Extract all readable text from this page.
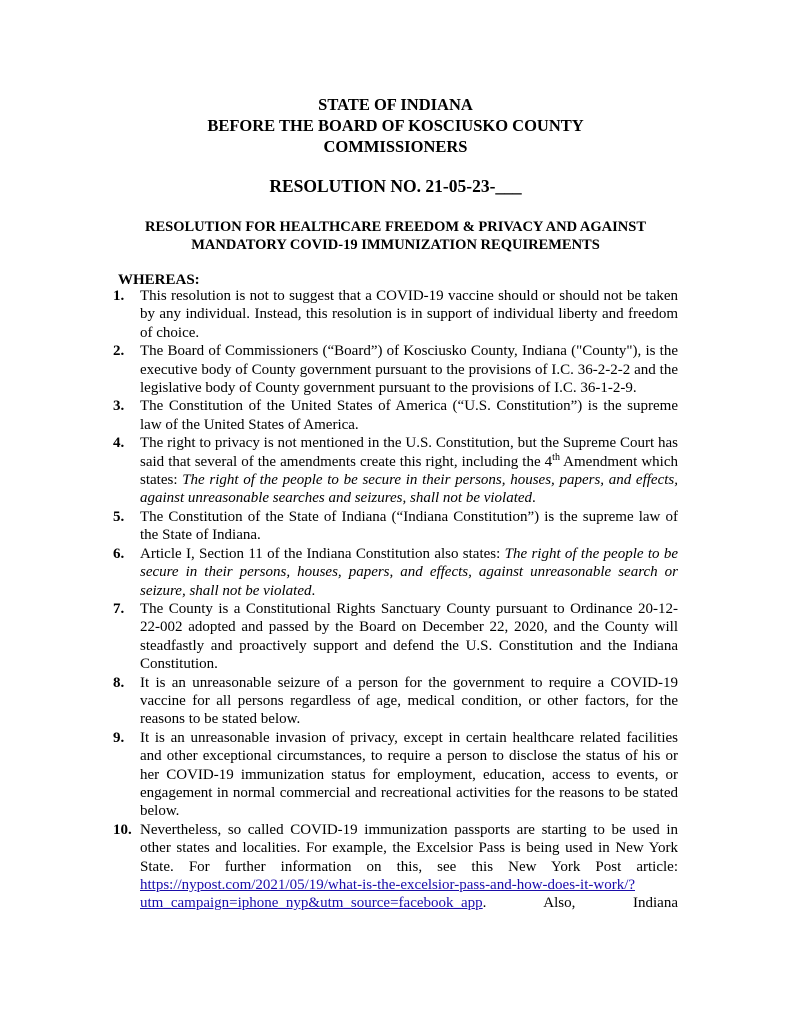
STATE OF INDIANA
BEFORE THE BOARD OF KOSCIUSKO COUNTY
COMMISSIONERS
RESOLUTION NO. 21-05-23-___
RESOLUTION FOR HEALTHCARE FREEDOM & PRIVACY AND AGAINST
MANDATORY COVID-19 IMMUNIZATION REQUIREMENTS

WHEREAS:

1. This resolution is not to suggest that a COVID-19 vaccine should or should not be taken by any individual. Instead, this resolution is in support of individual liberty and freedom of choice.
2. The Board of Commissioners (“Board”) of Kosciusko County, Indiana ("County"), is the executive body of County government pursuant to the provisions of I.C. 36-2-2-2 and the legislative body of County government pursuant to the provisions of I.C. 36-1-2-9.
3. The Constitution of the United States of America (“U.S. Constitution”) is the supreme law of the United States of America.
4. The right to privacy is not mentioned in the U.S. Constitution, but the Supreme Court has said that several of the amendments create this right, including the 4th Amendment which states: The right of the people to be secure in their persons, houses, papers, and effects, against unreasonable searches and seizures, shall not be violated.
5. The Constitution of the State of Indiana (“Indiana Constitution”) is the supreme law of the State of Indiana.
6. Article I, Section 11 of the Indiana Constitution also states: The right of the people to be secure in their persons, houses, papers, and effects, against unreasonable search or seizure, shall not be violated.
7. The County is a Constitutional Rights Sanctuary County pursuant to Ordinance 20-12-22-002 adopted and passed by the Board on December 22, 2020, and the County will steadfastly and proactively support and defend the U.S. Constitution and the Indiana Constitution.
8. It is an unreasonable seizure of a person for the government to require a COVID-19 vaccine for all persons regardless of age, medical condition, or other factors, for the reasons to be stated below.
9. It is an unreasonable invasion of privacy, except in certain healthcare related facilities and other exceptional circumstances, to require a person to disclose the status of his or her COVID-19 immunization status for employment, education, access to events, or engagement in normal commercial and recreational activities for the reasons to be stated below.
10. Nevertheless, so called COVID-19 immunization passports are starting to be used in other states and localities. For example, the Excelsior Pass is being used in New York State. For further information on this, see this New York Post article: https://nypost.com/2021/05/19/what-is-the-excelsior-pass-and-how-does-it-work/?utm_campaign=iphone_nyp&utm_source=facebook_app. Also, Indiana
